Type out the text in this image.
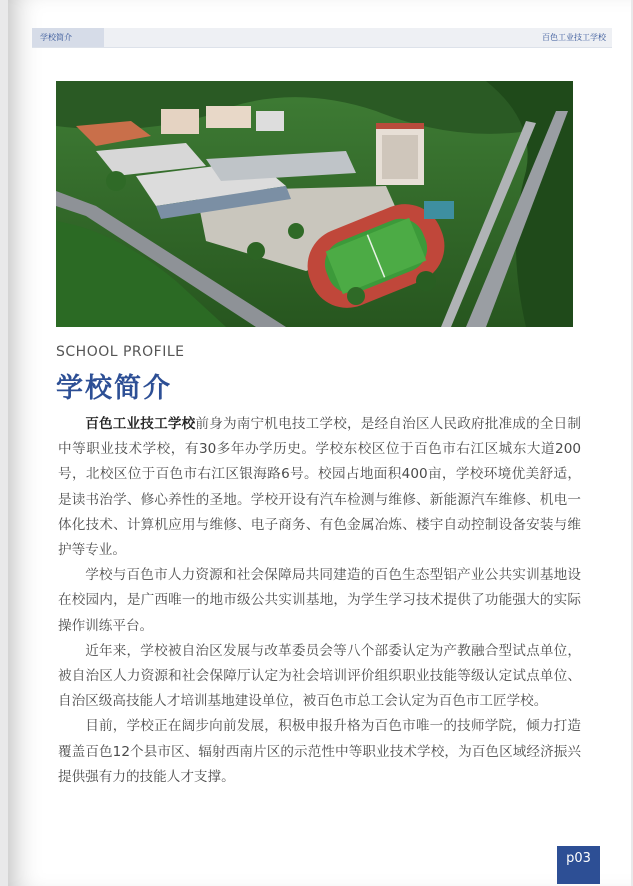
学校简介	百色工业技工学校
SCHOOL PROFILE
学校简介

百色工业技工学校前身为南宁机电技工学校，是经自治区人民政府批准成的全日制中等职业技术学校，有30多年办学历史。学校东校区位于百色市右江区城东大道200号，北校区位于百色市右江区银海路6号。校园占地面积400亩，学校环境优美舒适，是读书治学、修心养性的圣地。学校开设有汽车检测与维修、新能源汽车维修、机电一体化技术、计算机应用与维修、电子商务、有色金属冶炼、楼宇自动控制设备安装与维护等专业。

学校与百色市人力资源和社会保障局共同建造的百色生态型铝产业公共实训基地设在校园内，是广西唯一的地市级公共实训基地，为学生学习技术提供了功能强大的实际操作训练平台。

近年来，学校被自治区发展与改革委员会等八个部委认定为产教融合型试点单位，被自治区人力资源和社会保障厅认定为社会培训评价组织职业技能等级认定试点单位、自治区级高技能人才培训基地建设单位，被百色市总工会认定为百色市工匠学校。

目前，学校正在阔步向前发展，积极申报升格为百色市唯一的技师学院，倾力打造覆盖百色12个县市区、辐射西南片区的示范性中等职业技术学校，为百色区域经济振兴提供强有力的技能人才支撑。

p03
